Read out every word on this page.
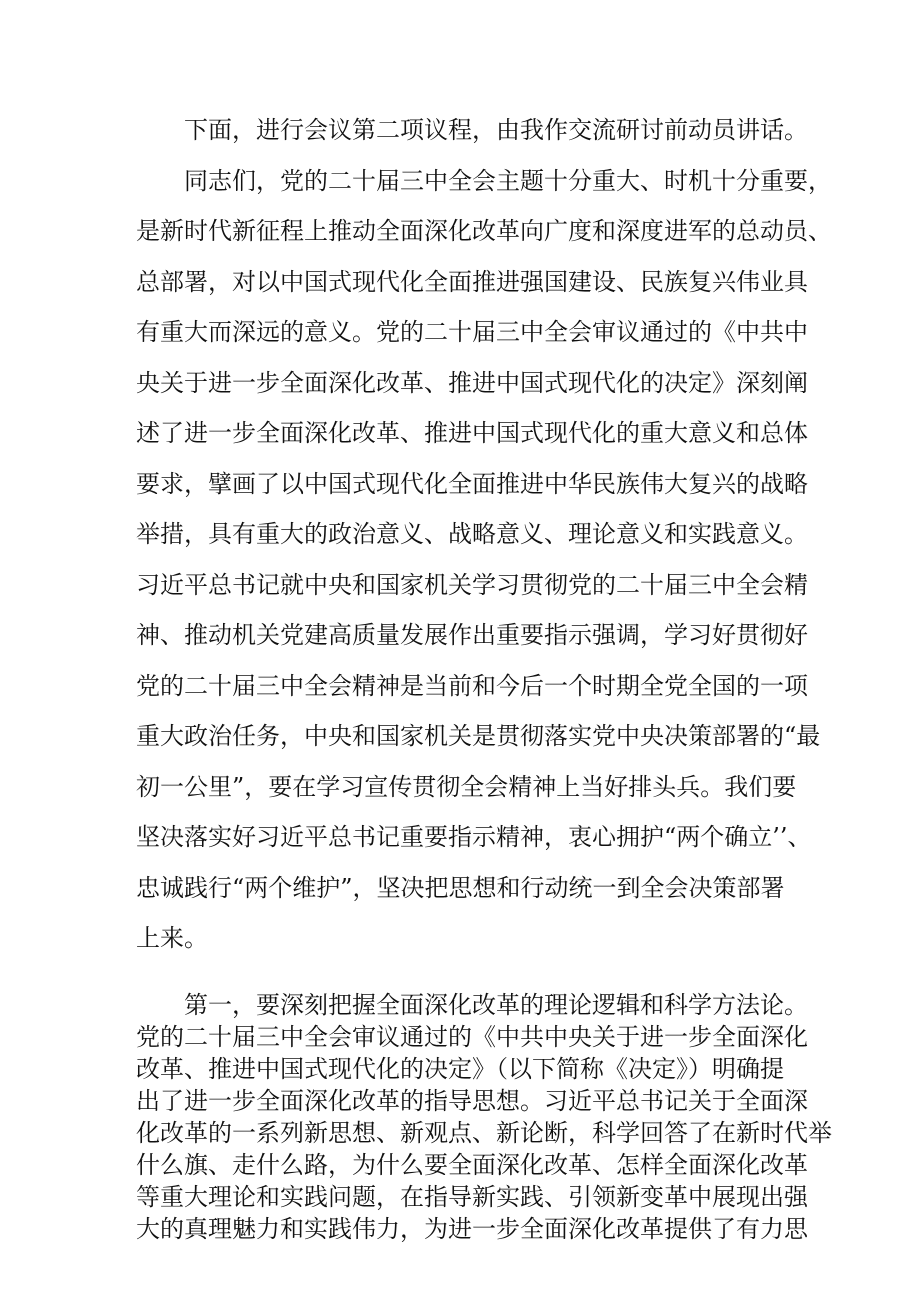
下面，进行会议第二项议程，由我作交流研讨前动员讲话。
同志们，党的二十届三中全会主题十分重大、时机十分重要，
是新时代新征程上推动全面深化改革向广度和深度进军的总动员、
总部署，对以中国式现代化全面推进强国建设、民族复兴伟业具
有重大而深远的意义。党的二十届三中全会审议通过的《中共中
央关于进一步全面深化改革、推进中国式现代化的决定》深刻阐
述了进一步全面深化改革、推进中国式现代化的重大意义和总体
要求，擘画了以中国式现代化全面推进中华民族伟大复兴的战略
举措，具有重大的政治意义、战略意义、理论意义和实践意义。
习近平总书记就中央和国家机关学习贯彻党的二十届三中全会精
神、推动机关党建高质量发展作出重要指示强调，学习好贯彻好
党的二十届三中全会精神是当前和今后一个时期全党全国的一项
重大政治任务，中央和国家机关是贯彻落实党中央决策部署的“最
初一公里”，要在学习宣传贯彻全会精神上当好排头兵。我们要
坚决落实好习近平总书记重要指示精神，衷心拥护“两个确立’’、
忠诚践行“两个维护”，坚决把思想和行动统一到全会决策部署
上来。
第一，要深刻把握全面深化改革的理论逻辑和科学方法论。
党的二十届三中全会审议通过的《中共中央关于进一步全面深化
改革、推进中国式现代化的决定》（以下简称《决定》）明确提
出了进一步全面深化改革的指导思想。习近平总书记关于全面深
化改革的一系列新思想、新观点、新论断，科学回答了在新时代举
什么旗、走什么路，为什么要全面深化改革、怎样全面深化改革
等重大理论和实践问题，在指导新实践、引领新变革中展现出强
大的真理魅力和实践伟力，为进一步全面深化改革提供了有力思
